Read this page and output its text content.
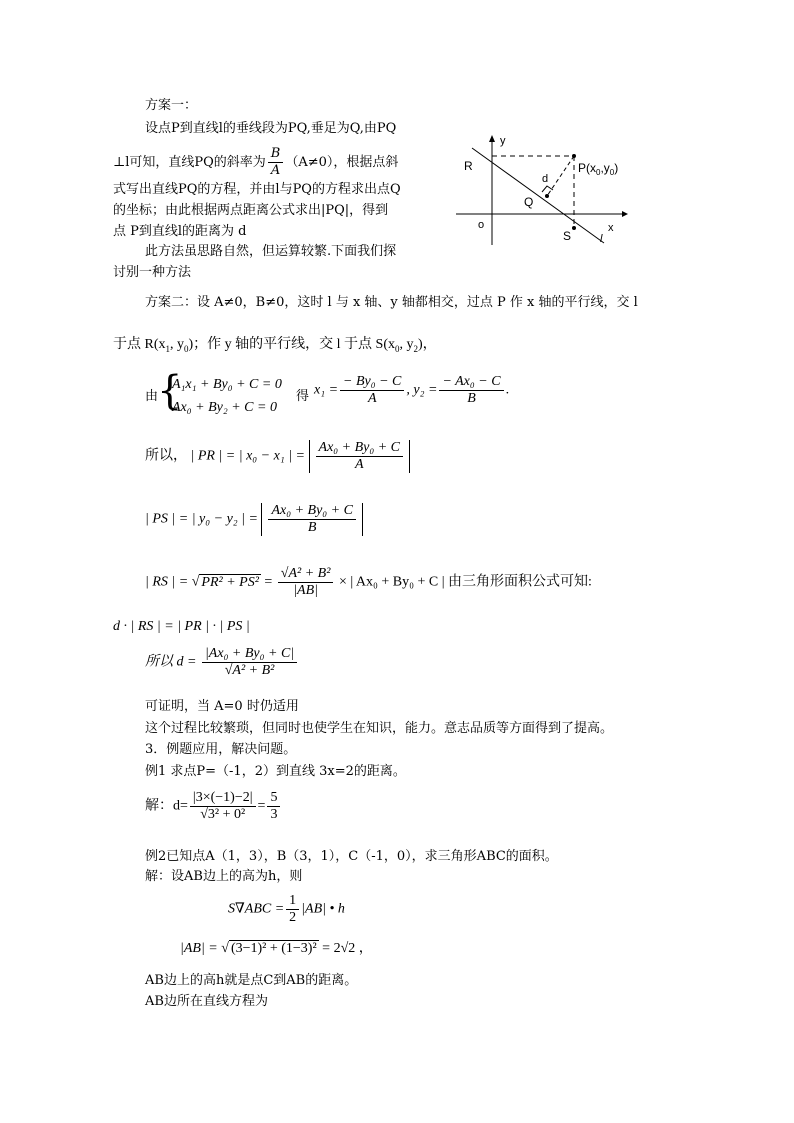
方案一：
设点P到直线l的垂线段为PQ,垂足为Q,由PQ
⊥l可知，直线PQ的斜率为 $\frac{B}{A} (A\ne 0)$，根据点斜
式写出直线PQ的方程，并由l与PQ的方程求出点Q
的坐标；由此根据两点距离公式求出|PQ|，得到
点 P到直线l的距离为 d
此方法虽思路自然，但运算较繁.下面我们探
讨别一种方法
y
x
R	$P(x_0,y_0)$
d
Q
o
S	l
方案二：设 A≠0，B≠0，这时 l 与 x 轴、y 轴都相交，过点 P 作 x 轴的平行线，交 l
于点 $R(x_1$, $y_0$)；作 y 轴的平行线，交 l 于点 $S(x_0$, $y_2$)，
由
{
A₁x₁ + By₀ + C = 0
Ax₀ + By₂ + C = 0
得 $x_1 = \frac{\text{− By₀ − C}}{A}$ , $y_2 = \frac{\text{− Ax₀ − C}}{B}$ .
所以， | PR | = | x₀ − x₁ | = $\frac{\text{Ax₀ + By₀ + C}}{A}$
| PS | = | y₀ − y₂ | = $\frac{\text{Ax₀ + By₀ + C}}{B}$
| RS | = √ $PR^2 + PS^2 = \frac{\text{√A² + B²}}{|AB|}$ × | Ax₀ + By₀ + C | 由三角形面积公式可知:
d · | RS | = | PR | · | PS |
所以 $d = \frac{\text{|Ax₀ + By₀ + C|}}{\text{√A² + B²}}$
可证明，当 A=0 时仍适用
这个过程比较繁琐，但同时也使学生在知识，能力。意志品质等方面得到了提高。
3．例题应用，解决问题。
例1 求点P=（-1，2）到直线 3x=2的距离。
解：$d= \frac{|3\times(-1)-2|}{\text{√3² + 0²}} = \frac{5}{3}$
例2已知点A（1，3），B（3，1），C（-1，0），求三角形ABC的面积。
解：设AB边上的高为h，则
$S\nabla ABC = \frac{1}{2} |AB|$ • h
|AB| = √ (3−1)² + (1−3)² = 2√2 ，
AB边上的高h就是点C到AB的距离。
AB边所在直线方程为
